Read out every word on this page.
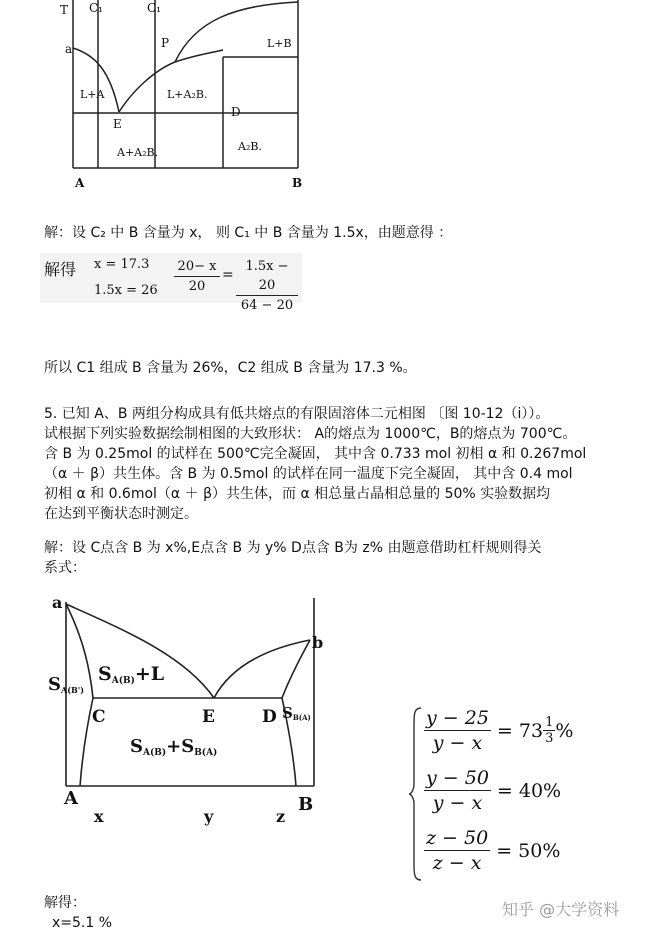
T C₁	C₁
a	P	L+B
L+A	L+A₂B.
E
D
A+A₂B.	A₂B.
A	B
解：设 C₂ 中 B 含量为 x， 则 C₁ 中 B 含量为 1.5x，由题意得 ：
解得 x = 17.3
$1.5x = 26 \frac{20- x}{20} = \frac{1.5x - 20}{64 - 20}$
所以 C1 组成 B 含量为 26%，C2 组成 B 含量为 17.3 %。
5. 已知 A、B 两组分构成具有低共熔点的有限固溶体二元相图 〔图 10-12（i））。
试根据下列实验数据绘制相图的大致形状： A的熔点为 1000℃，B的熔点为 700℃。
含 B 为 0.25mol 的试样在 500℃完全凝固， 其中含 0.733 mol 初相 α 和 0.267mol
（α ＋ β）共生体。含 B 为 0.5mol 的试样在同一温度下完全凝固， 其中含 0.4 mol
初相 α 和 0.6mol（α ＋ β）共生体，而 α 相总量占晶相总量的 50% 实验数据均
在达到平衡状态时测定。
解：设 C点含 B 为 x%,E点含 B 为 y% D点含 B为 z% 由题意借助杠杆规则得关
系式：
a
b
SA(B)+L
SA(B')
C	E	D SB(A)
SA(B)+SB(A)
A	B
x	y	z
$\frac{y - 25}{y - x} = 73 \frac{1}{3}$ %
$\frac{y - 50}{y - x} = 40\%$
$\frac{z - 50}{z - x} = 50\%$
知乎 @大学资料
解得：
x=5.1 %
